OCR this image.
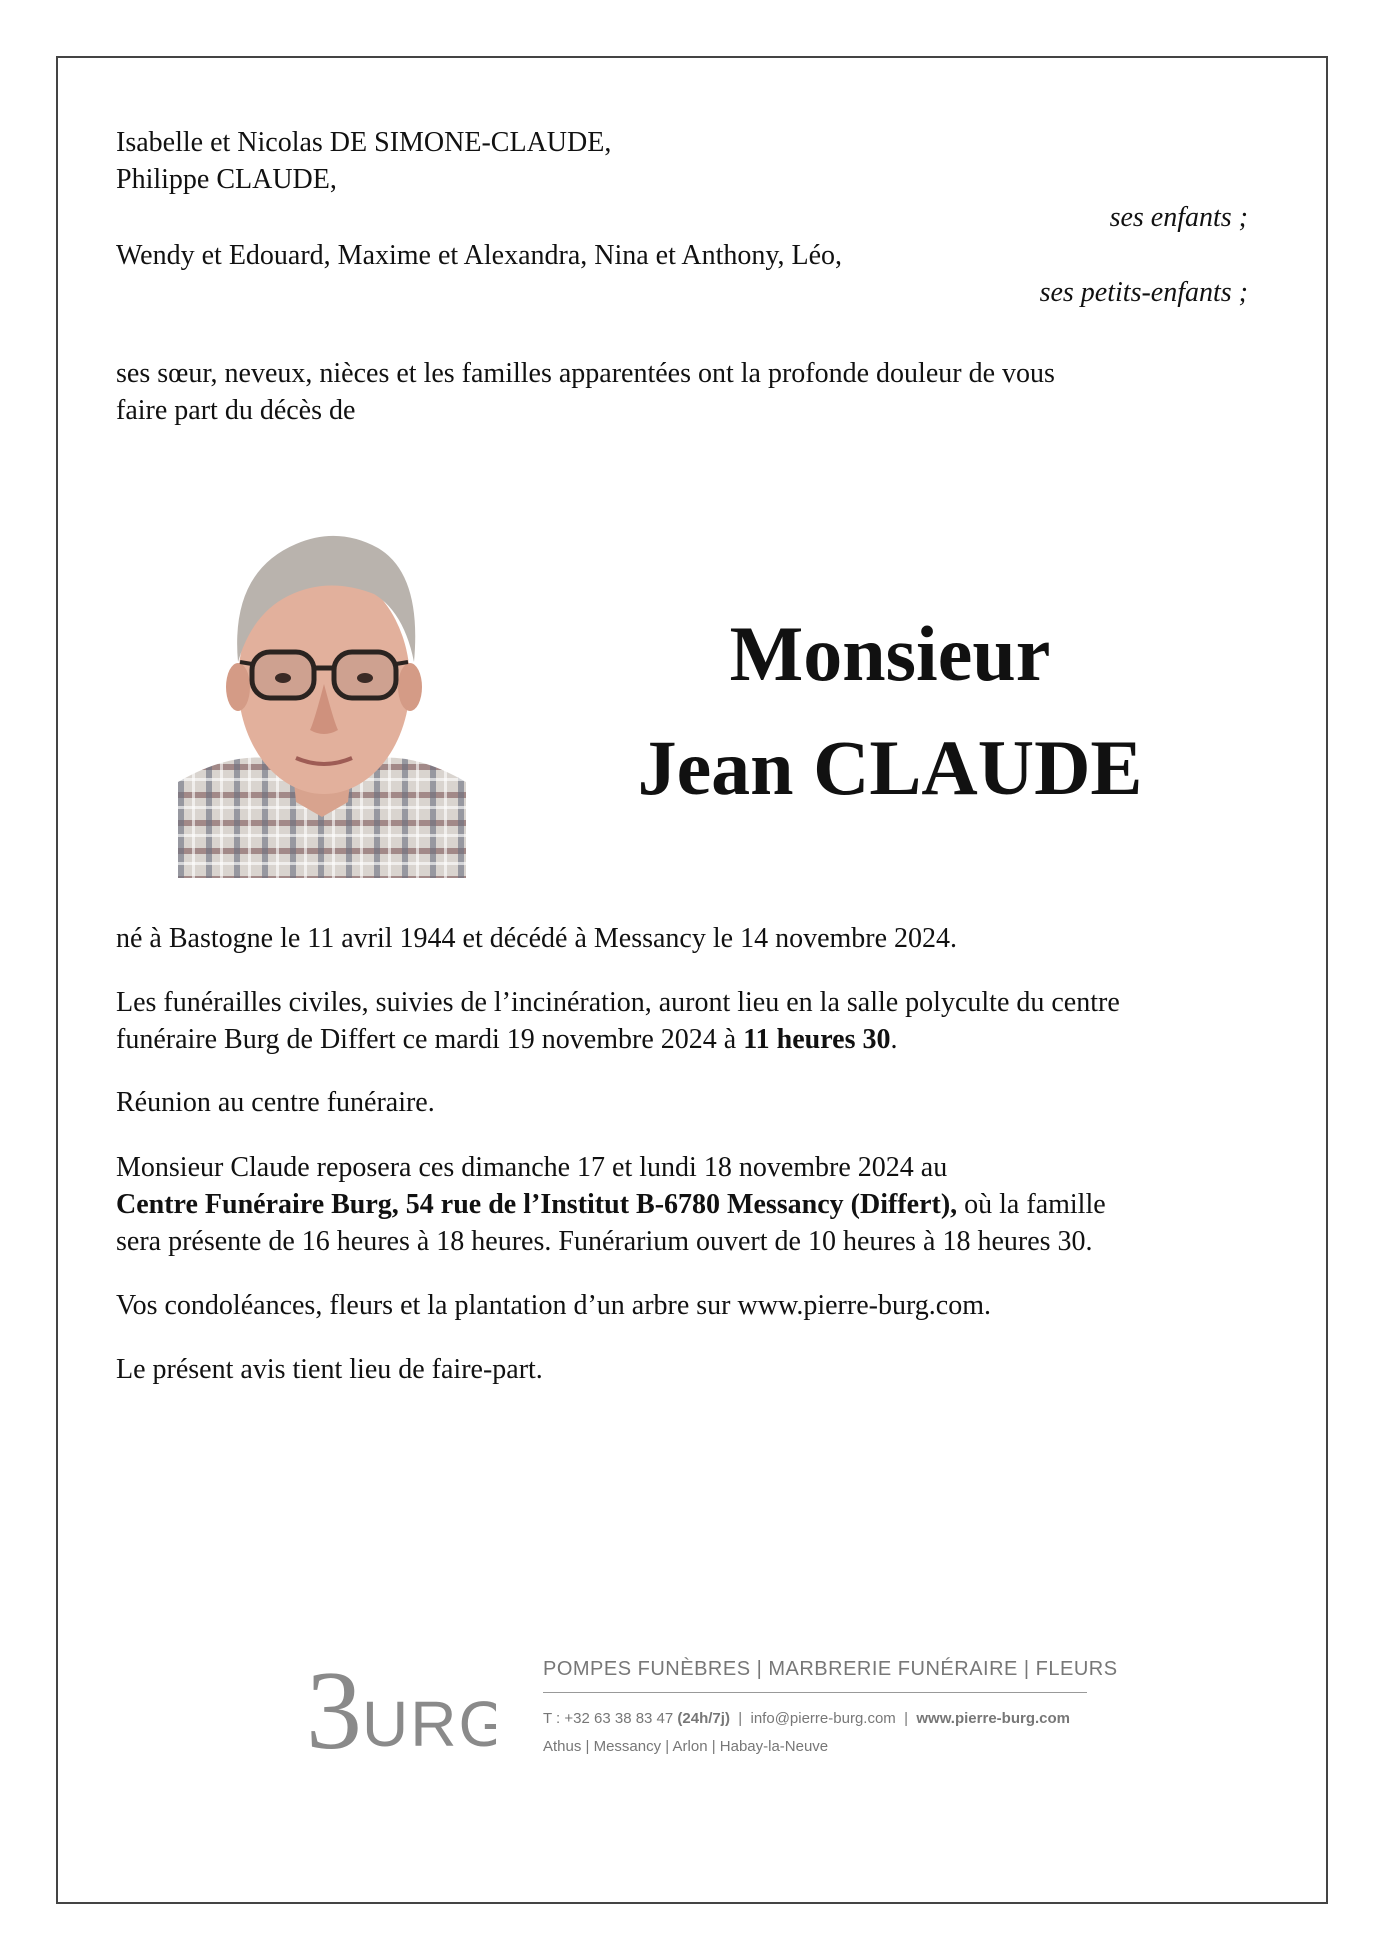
Isabelle et Nicolas DE SIMONE-CLAUDE,
Philippe CLAUDE,
ses enfants ;
Wendy et Edouard, Maxime et Alexandra, Nina et Anthony, Léo,
ses petits-enfants ;
ses sœur, neveux, nièces et les familles apparentées ont la profonde douleur de vous
faire part du décès de
Monsieur
Jean CLAUDE
né à Bastogne le 11 avril 1944 et décédé à Messancy le 14 novembre 2024.
Les funérailles civiles, suivies de l’incinération, auront lieu en la salle polyculte du centre
funéraire Burg de Differt ce mardi 19 novembre 2024 à 11 heures 30.
Réunion au centre funéraire.
Monsieur Claude reposera ces dimanche 17 et lundi 18 novembre 2024 au
Centre Funéraire Burg, 54 rue de l’Institut B-6780 Messancy (Differt), où la famille
sera présente de 16 heures à 18 heures. Funérarium ouvert de 10 heures à 18 heures 30.
Vos condoléances, fleurs et la plantation d’un arbre sur www.pierre-burg.com.
Le présent avis tient lieu de faire-part.
3 URG
POMPES FUNÈBRES | MARBRERIE FUNÉRAIRE | FLEURS
T : +32 63 38 83 47 (24h/7j)  |  info@pierre-burg.com  |  www.pierre-burg.com
Athus | Messancy | Arlon | Habay-la-Neuve
